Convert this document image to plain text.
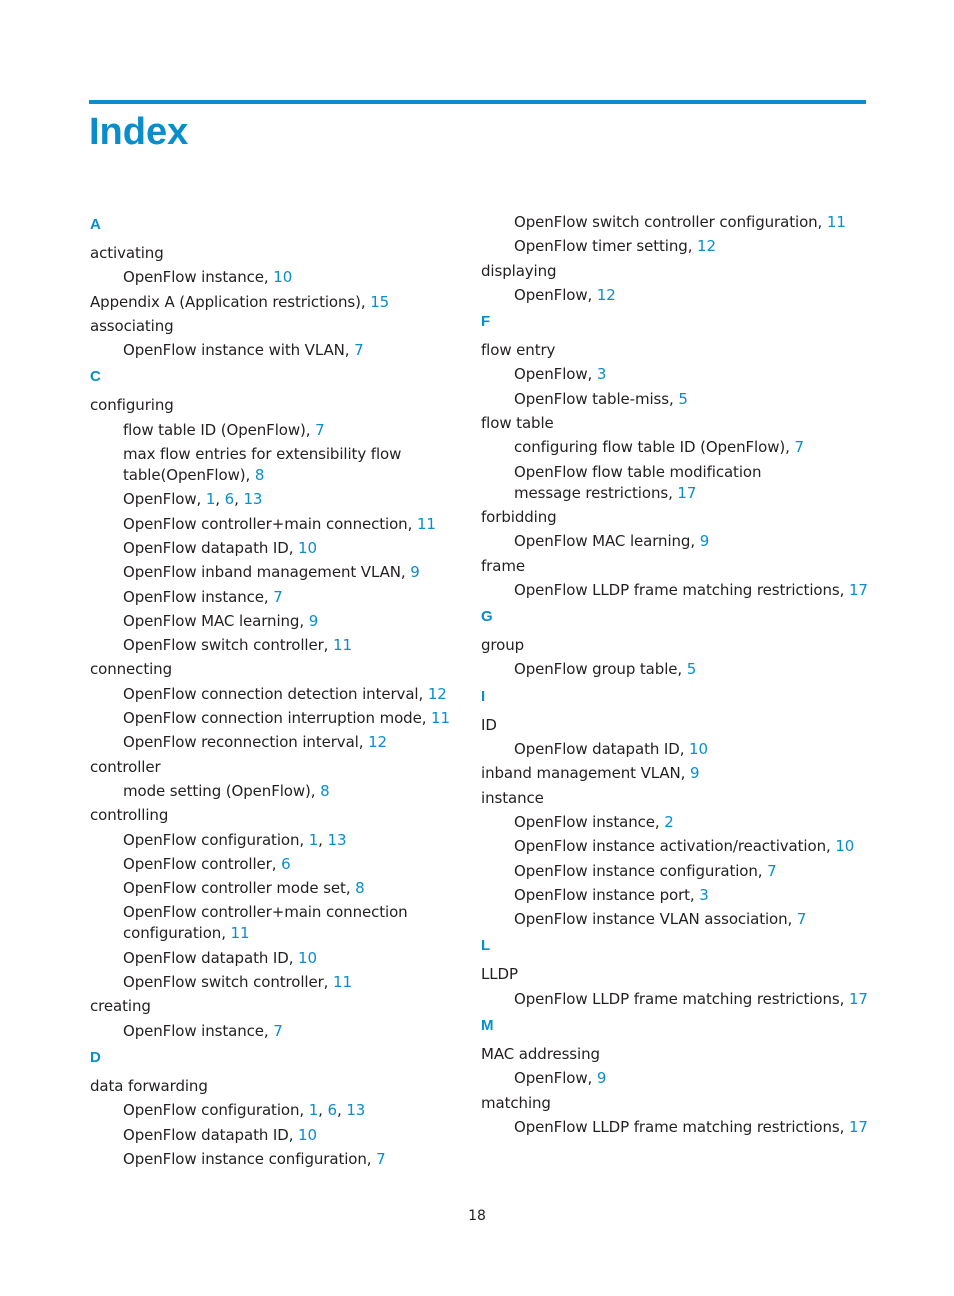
Index
A
activating
OpenFlow instance, 10
Appendix A (Application restrictions), 15
associating
OpenFlow instance with VLAN, 7
C
configuring
flow table ID (OpenFlow), 7
max flow entries for extensibility flow table(OpenFlow), 8
OpenFlow, 1, 6, 13
OpenFlow controller+main connection, 11
OpenFlow datapath ID, 10
OpenFlow inband management VLAN, 9
OpenFlow instance, 7
OpenFlow MAC learning, 9
OpenFlow switch controller, 11
connecting
OpenFlow connection detection interval, 12
OpenFlow connection interruption mode, 11
OpenFlow reconnection interval, 12
controller
mode setting (OpenFlow), 8
controlling
OpenFlow configuration, 1, 13
OpenFlow controller, 6
OpenFlow controller mode set, 8
OpenFlow controller+main connection configuration, 11
OpenFlow datapath ID, 10
OpenFlow switch controller, 11
creating
OpenFlow instance, 7
D
data forwarding
OpenFlow configuration, 1, 6, 13
OpenFlow datapath ID, 10
OpenFlow instance configuration, 7
OpenFlow switch controller configuration, 11
OpenFlow timer setting, 12
displaying
OpenFlow, 12
F
flow entry
OpenFlow, 3
OpenFlow table-miss, 5
flow table
configuring flow table ID (OpenFlow), 7
OpenFlow flow table modification message restrictions, 17
forbidding
OpenFlow MAC learning, 9
frame
OpenFlow LLDP frame matching restrictions, 17
G
group
OpenFlow group table, 5
I
ID
OpenFlow datapath ID, 10
inband management VLAN, 9
instance
OpenFlow instance, 2
OpenFlow instance activation/reactivation, 10
OpenFlow instance configuration, 7
OpenFlow instance port, 3
OpenFlow instance VLAN association, 7
L
LLDP
OpenFlow LLDP frame matching restrictions, 17
M
MAC addressing
OpenFlow, 9
matching
OpenFlow LLDP frame matching restrictions, 17
18
